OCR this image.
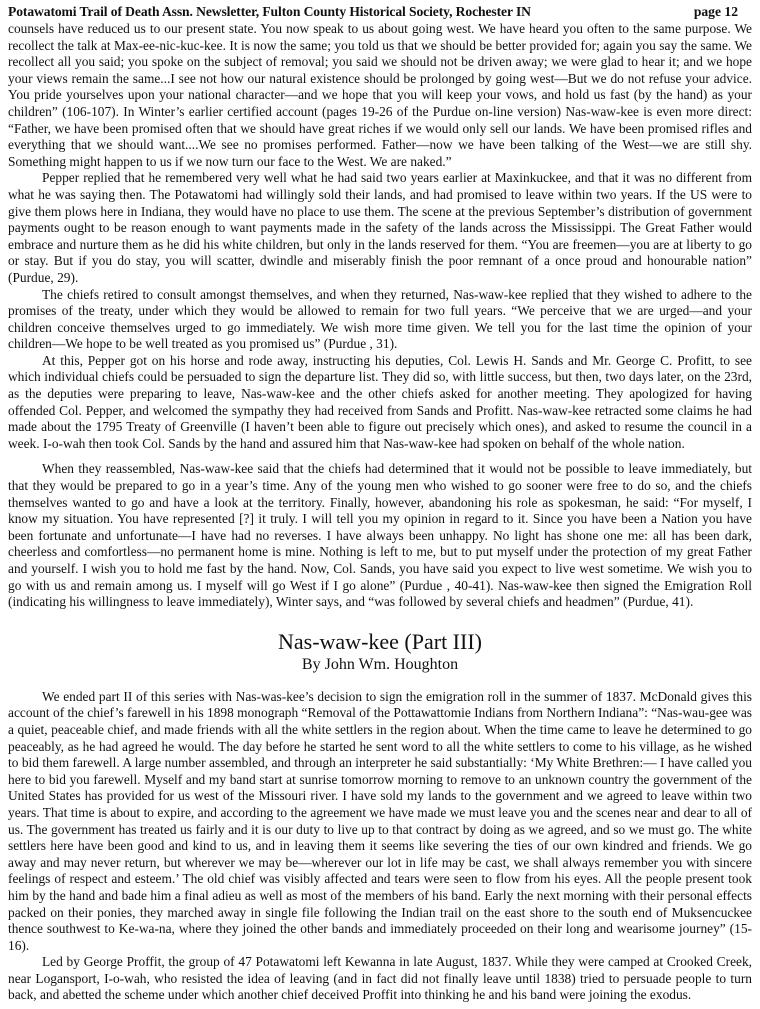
Potawatomi Trail of Death Assn. Newsletter, Fulton County Historical Society, Rochester IN	page 12

counsels have reduced us to our present state. You now speak to us about going west. We have heard you often to the same purpose. We recollect the talk at Max-ee-nic-kuc-kee. It is now the same; you told us that we should be better provided for; again you say the same. We recollect all you said; you spoke on the subject of removal; you said we should not be driven away; we were glad to hear it; and we hope your views remain the same...I see not how our natural existence should be prolonged by going west—But we do not refuse your advice. You pride yourselves upon your national character—and we hope that you will keep your vows, and hold us fast (by the hand) as your children” (106-107). In Winter’s earlier certified account (pages 19-26 of the Purdue on-line version) Nas-waw-kee is even more direct: “Father, we have been promised often that we should have great riches if we would only sell our lands. We have been promised rifles and everything that we should want....We see no promises performed. Father—now we have been talking of the West—we are still shy. Something might happen to us if we now turn our face to the West. We are naked.”

Pepper replied that he remembered very well what he had said two years earlier at Maxinkuckee, and that it was no different from what he was saying then. The Potawatomi had willingly sold their lands, and had promised to leave within two years. If the US were to give them plows here in Indiana, they would have no place to use them. The scene at the previous September’s distribution of government payments ought to be reason enough to want payments made in the safety of the lands across the Mississippi. The Great Father would embrace and nurture them as he did his white children, but only in the lands reserved for them. “You are freemen—you are at liberty to go or stay. But if you do stay, you will scatter, dwindle and miserably finish the poor remnant of a once proud and honourable nation” (Purdue, 29).

The chiefs retired to consult amongst themselves, and when they returned, Nas-waw-kee replied that they wished to adhere to the promises of the treaty, under which they would be allowed to remain for two full years. “We perceive that we are urged—and your children conceive themselves urged to go immediately. We wish more time given. We tell you for the last time the opinion of your children—We hope to be well treated as you promised us” (Purdue , 31).

At this, Pepper got on his horse and rode away, instructing his deputies, Col. Lewis H. Sands and Mr. George C. Profitt, to see which individual chiefs could be persuaded to sign the departure list. They did so, with little success, but then, two days later, on the 23rd, as the deputies were preparing to leave, Nas-waw-kee and the other chiefs asked for another meeting. They apologized for having offended Col. Pepper, and welcomed the sympathy they had received from Sands and Profitt. Nas-waw-kee retracted some claims he had made about the 1795 Treaty of Greenville (I haven’t been able to figure out precisely which ones), and asked to resume the council in a week. I-o-wah then took Col. Sands by the hand and assured him that Nas-waw-kee had spoken on behalf of the whole nation.

When they reassembled, Nas-waw-kee said that the chiefs had determined that it would not be possible to leave immediately, but that they would be prepared to go in a year’s time. Any of the young men who wished to go sooner were free to do so, and the chiefs themselves wanted to go and have a look at the territory. Finally, however, abandoning his role as spokesman, he said: “For myself, I know my situation. You have represented [?] it truly. I will tell you my opinion in regard to it. Since you have been a Nation you have been fortunate and unfortunate—I have had no reverses. I have always been unhappy. No light has shone one me: all has been dark, cheerless and comfortless—no permanent home is mine. Nothing is left to me, but to put myself under the protection of my great Father and yourself. I wish you to hold me fast by the hand. Now, Col. Sands, you have said you expect to live west sometime. We wish you to go with us and remain among us. I myself will go West if I go alone” (Purdue , 40-41). Nas-waw-kee then signed the Emigration Roll (indicating his willingness to leave immediately), Winter says, and “was followed by several chiefs and headmen” (Purdue, 41).

Nas-waw-kee (Part III)
By John Wm. Houghton

We ended part II of this series with Nas-was-kee’s decision to sign the emigration roll in the summer of 1837. McDonald gives this account of the chief’s farewell in his 1898 monograph “Removal of the Pottawattomie Indians from Northern Indiana”: “Nas-wau-gee was a quiet, peaceable chief, and made friends with all the white settlers in the region about. When the time came to leave he determined to go peaceably, as he had agreed he would. The day before he started he sent word to all the white settlers to come to his village, as he wished to bid them farewell. A large number assembled, and through an interpreter he said substantially: ‘My White Brethren:— I have called you here to bid you farewell. Myself and my band start at sunrise tomorrow morning to remove to an unknown country the government of the United States has provided for us west of the Missouri river. I have sold my lands to the government and we agreed to leave within two years. That time is about to expire, and according to the agreement we have made we must leave you and the scenes near and dear to all of us. The government has treated us fairly and it is our duty to live up to that contract by doing as we agreed, and so we must go. The white settlers here have been good and kind to us, and in leaving them it seems like severing the ties of our own kindred and friends. We go away and may never return, but wherever we may be—wherever our lot in life may be cast, we shall always remember you with sincere feelings of respect and esteem.’ The old chief was visibly affected and tears were seen to flow from his eyes. All the people present took him by the hand and bade him a final adieu as well as most of the members of his band. Early the next morning with their personal effects packed on their ponies, they marched away in single file following the Indian trail on the east shore to the south end of Muksencuckee thence southwest to Ke-wa-na, where they joined the other bands and immediately proceeded on their long and wearisome journey” (15-16).

Led by George Proffit, the group of 47 Potawatomi left Kewanna in late August, 1837. While they were camped at Crooked Creek, near Logansport, I-o-wah, who resisted the idea of leaving (and in fact did not finally leave until 1838) tried to persuade people to turn back, and abetted the scheme under which another chief deceived Proffit into thinking he and his band were joining the exodus.
